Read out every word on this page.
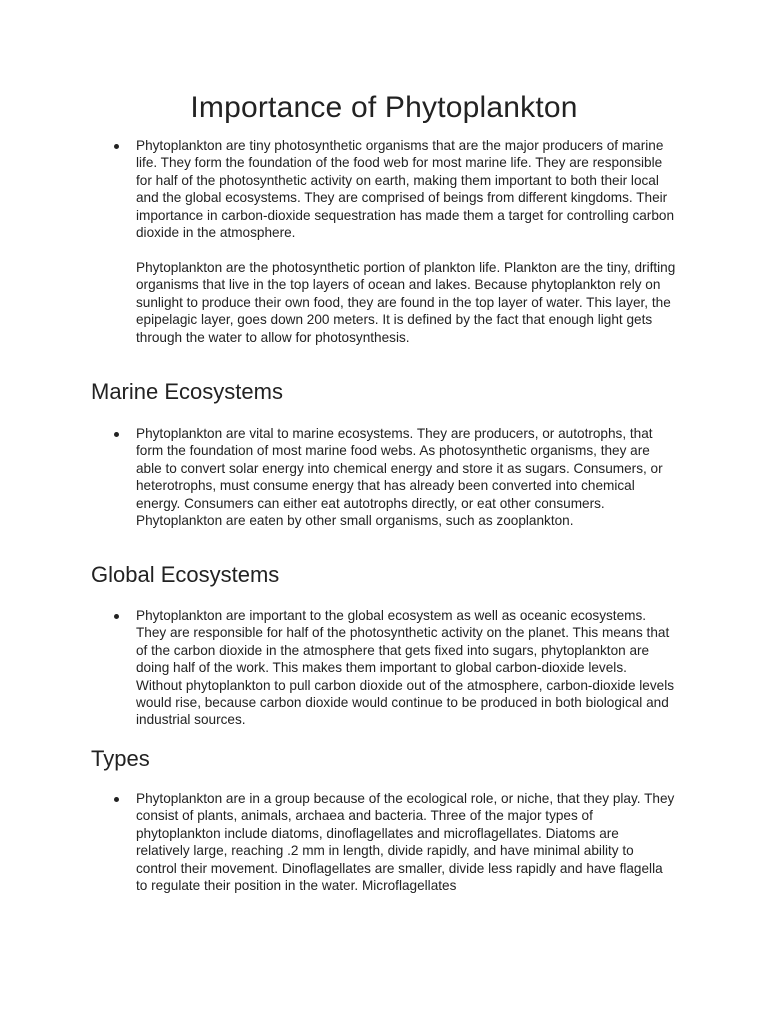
Importance of Phytoplankton

Phytoplankton are tiny photosynthetic organisms that are the major producers of marine life. They form the foundation of the food web for most marine life. They are responsible for half of the photosynthetic activity on earth, making them important to both their local and the global ecosystems. They are comprised of beings from different kingdoms. Their importance in carbon-dioxide sequestration has made them a target for controlling carbon dioxide in the atmosphere.

Phytoplankton are the photosynthetic portion of plankton life. Plankton are the tiny, drifting organisms that live in the top layers of ocean and lakes. Because phytoplankton rely on sunlight to produce their own food, they are found in the top layer of water. This layer, the epipelagic layer, goes down 200 meters. It is defined by the fact that enough light gets through the water to allow for photosynthesis.

Marine Ecosystems

Phytoplankton are vital to marine ecosystems. They are producers, or autotrophs, that form the foundation of most marine food webs. As photosynthetic organisms, they are able to convert solar energy into chemical energy and store it as sugars. Consumers, or heterotrophs, must consume energy that has already been converted into chemical energy. Consumers can either eat autotrophs directly, or eat other consumers. Phytoplankton are eaten by other small organisms, such as zooplankton.

Global Ecosystems

Phytoplankton are important to the global ecosystem as well as oceanic ecosystems. They are responsible for half of the photosynthetic activity on the planet. This means that of the carbon dioxide in the atmosphere that gets fixed into sugars, phytoplankton are doing half of the work. This makes them important to global carbon-dioxide levels. Without phytoplankton to pull carbon dioxide out of the atmosphere, carbon-dioxide levels would rise, because carbon dioxide would continue to be produced in both biological and industrial sources.

Types

Phytoplankton are in a group because of the ecological role, or niche, that they play. They consist of plants, animals, archaea and bacteria. Three of the major types of phytoplankton include diatoms, dinoflagellates and microflagellates. Diatoms are relatively large, reaching .2 mm in length, divide rapidly, and have minimal ability to control their movement. Dinoflagellates are smaller, divide less rapidly and have flagella to regulate their position in the water. Microflagellates
